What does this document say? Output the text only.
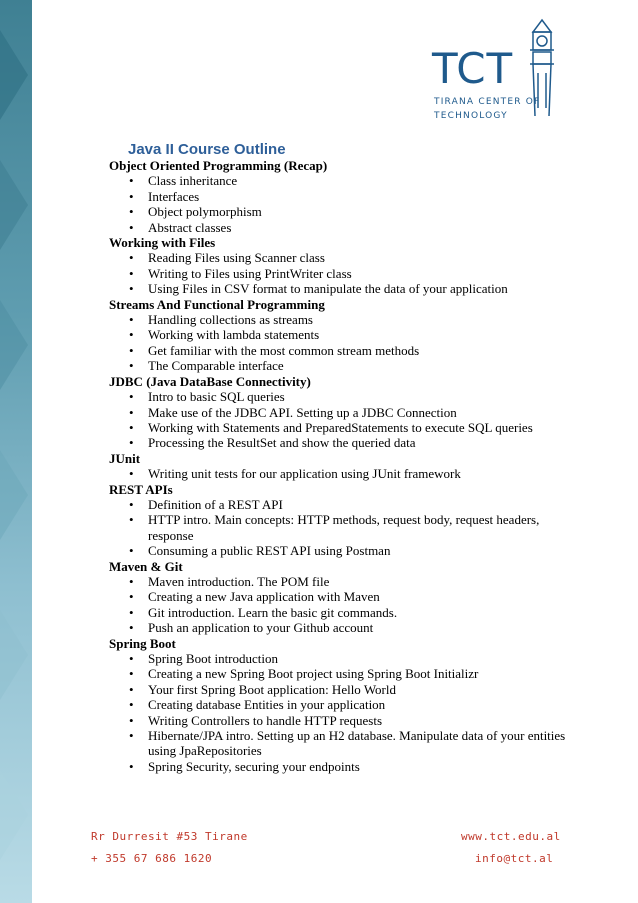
TCT
TIRANA CENTER OF
TECHNOLOGY
Java II Course Outline
Object Oriented Programming (Recap)
• Class inheritance
• Interfaces
• Object polymorphism
• Abstract classes
Working with Files
• Reading Files using Scanner class
• Writing to Files using PrintWriter class
• Using Files in CSV format to manipulate the data of your application
Streams And Functional Programming
• Handling collections as streams
• Working with lambda statements
• Get familiar with the most common stream methods
• The Comparable interface
JDBC (Java DataBase Connectivity)
• Intro to basic SQL queries
• Make use of the JDBC API. Setting up a JDBC Connection
• Working with Statements and PreparedStatements to execute SQL queries
• Processing the ResultSet and show the queried data
JUnit
• Writing unit tests for our application using JUnit framework
REST APIs
• Definition of a REST API
• HTTP intro. Main concepts: HTTP methods, request body, request headers, response
• Consuming a public REST API using Postman
Maven & Git
• Maven introduction. The POM file
• Creating a new Java application with Maven
• Git introduction. Learn the basic git commands.
• Push an application to your Github account
Spring Boot
• Spring Boot introduction
• Creating a new Spring Boot project using Spring Boot Initializr
• Your first Spring Boot application: Hello World
• Creating database Entities in your application
• Writing Controllers to handle HTTP requests
• Hibernate/JPA intro. Setting up an H2 database. Manipulate data of your entities using JpaRepositories
• Spring Security, securing your endpoints
Rr Durresit #53 Tirane
+ 355 67 686 1620
www.tct.edu.al
info@tct.al
